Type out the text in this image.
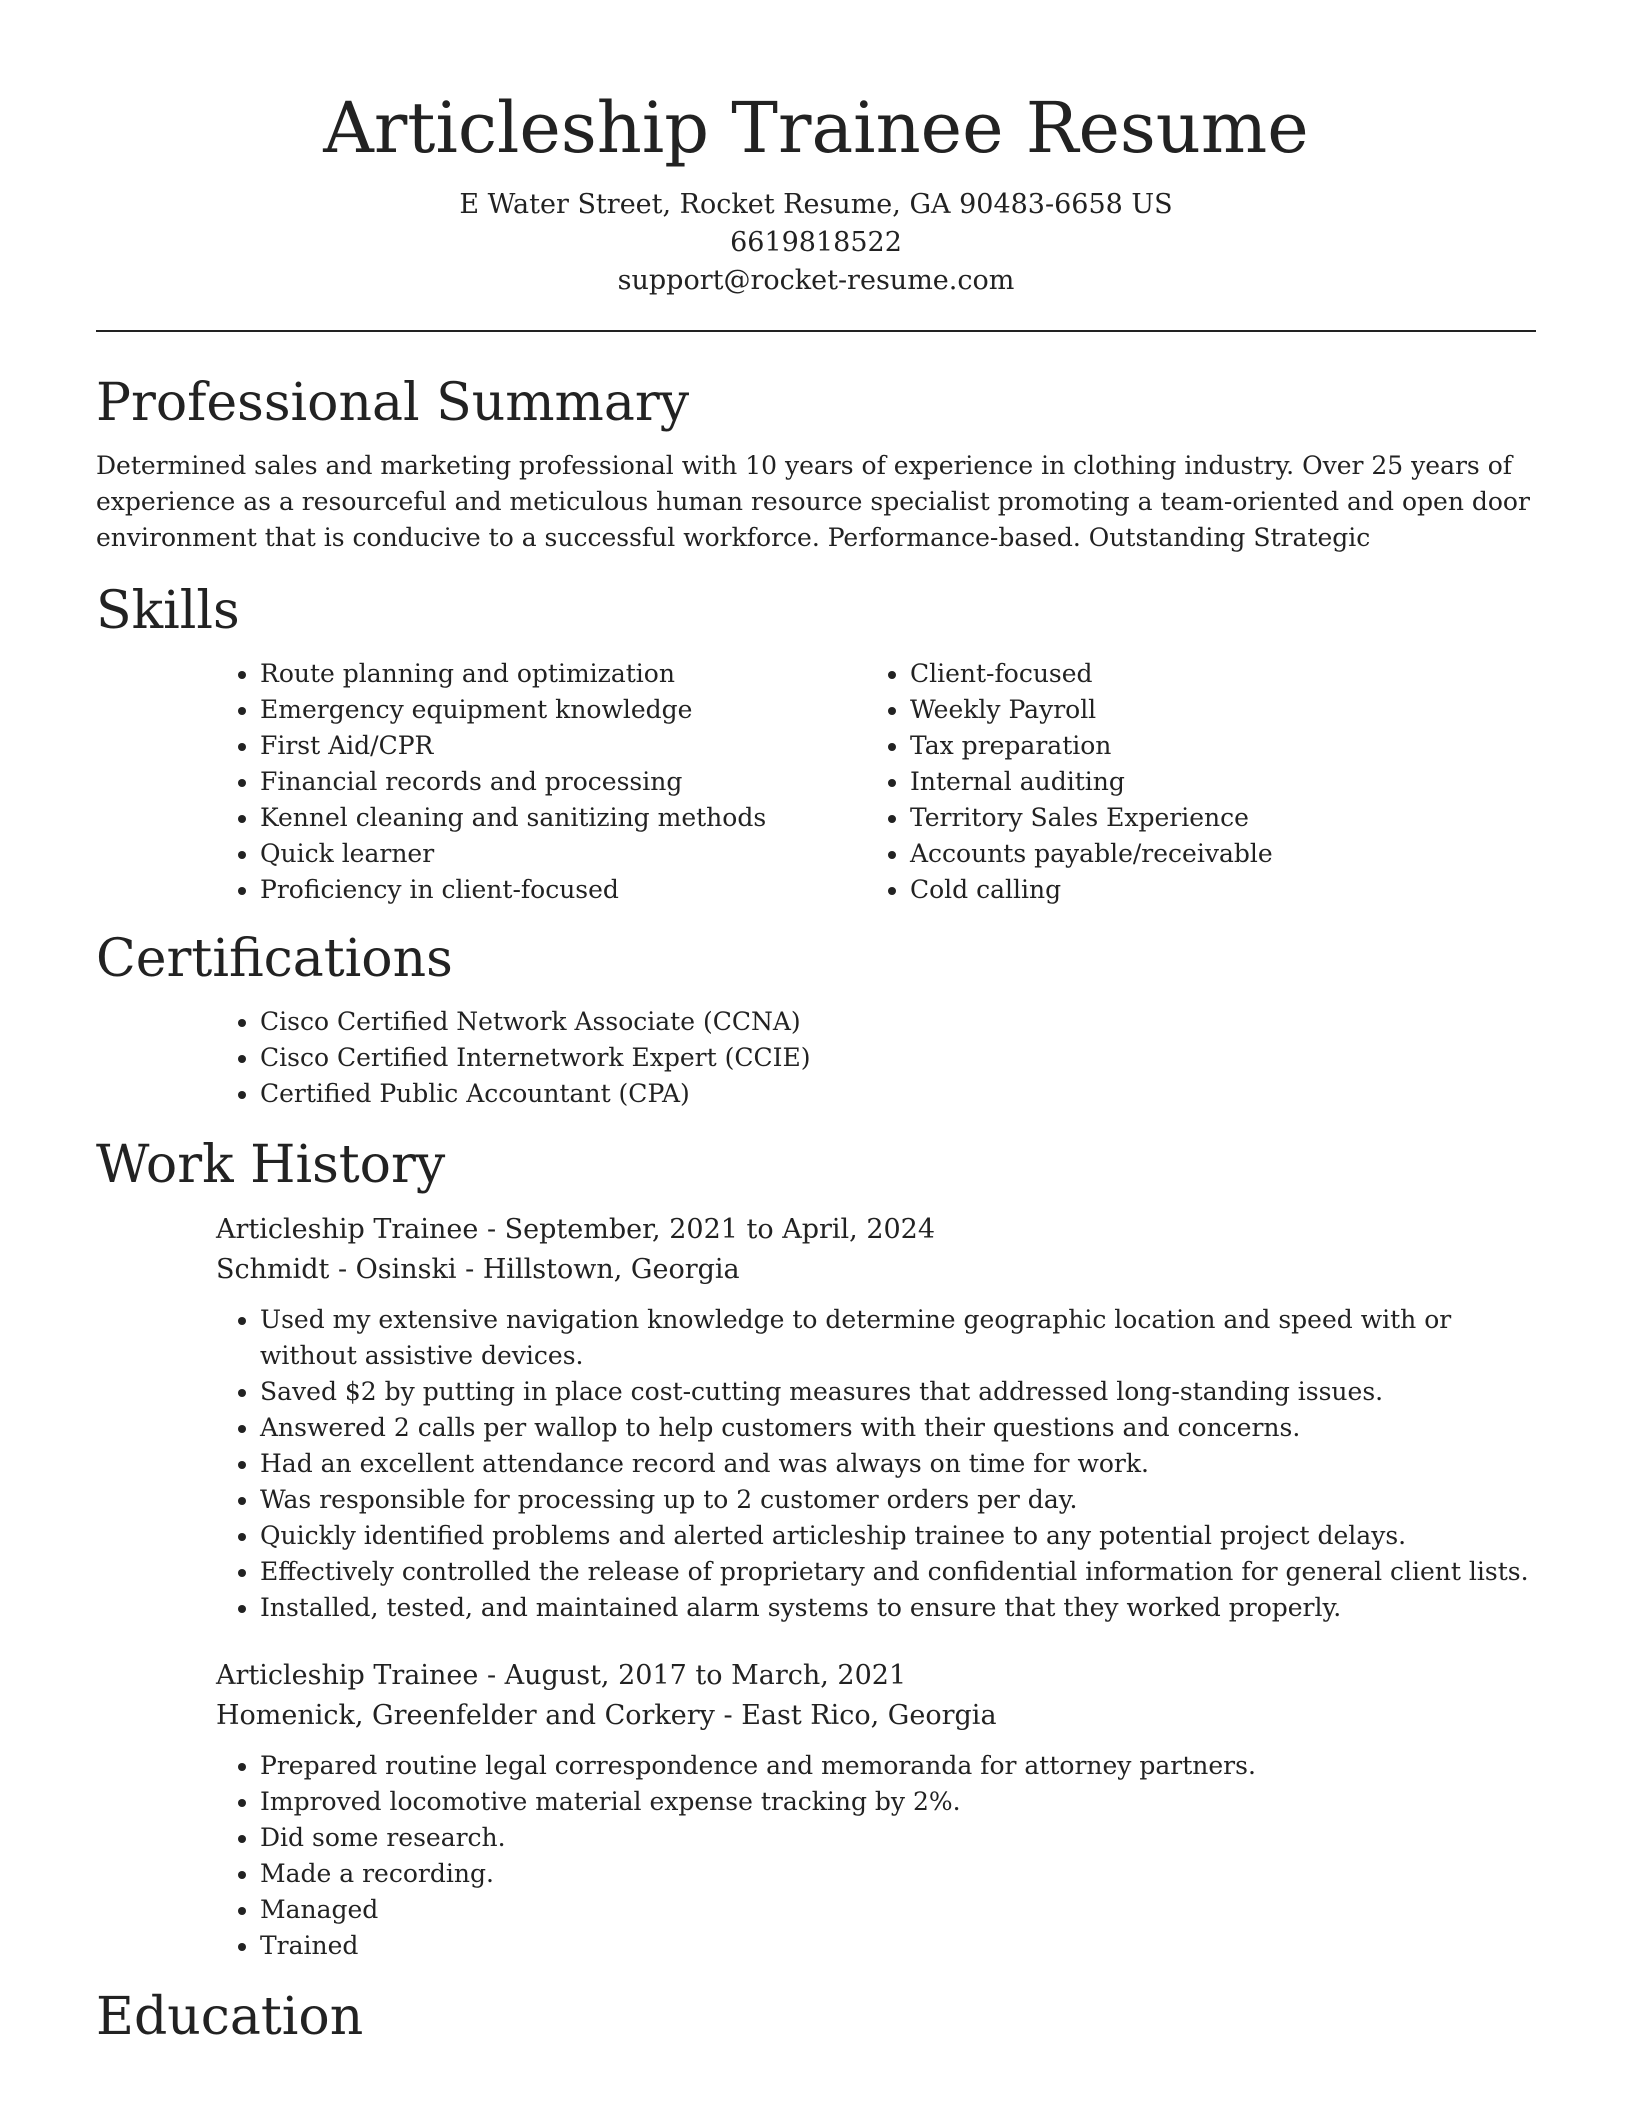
Articleship Trainee Resume
E Water Street, Rocket Resume, GA 90483-6658 US
6619818522
support@rocket-resume.com
Professional Summary

Determined sales and marketing professional with 10 years of experience in clothing industry. Over 25 years of experience as a resourceful and meticulous human resource specialist promoting a team-oriented and open door environment that is conducive to a successful workforce. Performance-based. Outstanding Strategic

Skills
• Route planning and optimization
• Emergency equipment knowledge
• First Aid/CPR
• Financial records and processing
• Kennel cleaning and sanitizing methods
• Quick learner
• Proficiency in client-focused
• Client-focused
• Weekly Payroll
• Tax preparation
• Internal auditing
• Territory Sales Experience
• Accounts payable/receivable
• Cold calling
Certifications
• Cisco Certified Network Associate (CCNA)
• Cisco Certified Internetwork Expert (CCIE)
• Certified Public Accountant (CPA)
Work History

Articleship Trainee - September, 2021 to April, 2024

Schmidt - Osinski - Hillstown, Georgia

• Used my extensive navigation knowledge to determine geographic location and speed with or without assistive devices.
• Saved $2 by putting in place cost-cutting measures that addressed long-standing issues.
• Answered 2 calls per wallop to help customers with their questions and concerns.
• Had an excellent attendance record and was always on time for work.
• Was responsible for processing up to 2 customer orders per day.
• Quickly identified problems and alerted articleship trainee to any potential project delays.
• Effectively controlled the release of proprietary and confidential information for general client lists.
• Installed, tested, and maintained alarm systems to ensure that they worked properly.

Articleship Trainee - August, 2017 to March, 2021

Homenick, Greenfelder and Corkery - East Rico, Georgia

• Prepared routine legal correspondence and memoranda for attorney partners.
• Improved locomotive material expense tracking by 2%.
• Did some research.
• Made a recording.
• Managed
• Trained
Education
